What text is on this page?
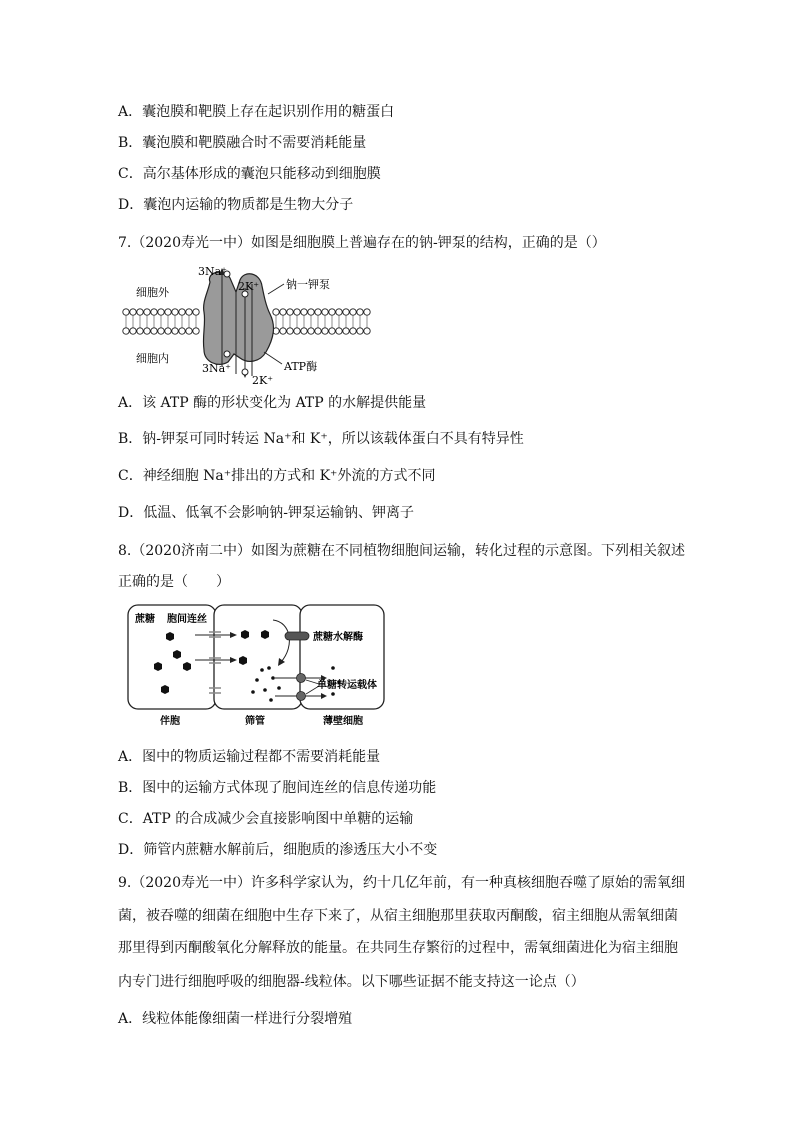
A．囊泡膜和靶膜上存在起识别作用的糖蛋白
B．囊泡膜和靶膜融合时不需要消耗能量
C．高尔基体形成的囊泡只能移动到细胞膜
D．囊泡内运输的物质都是生物大分子
7.（2020寿光一中）如图是细胞膜上普遍存在的钠-钾泵的结构，正确的是（）
3Na⁺
2K⁺ 钠一钾泵
细胞外
细胞内
ATP酶
3Na⁺
2K⁺
A．该 ATP 酶的形状变化为 ATP 的水解提供能量
B．钠-钾泵可同时转运 Na⁺和 K⁺，所以该载体蛋白不具有特异性
C．神经细胞 Na⁺排出的方式和 K⁺外流的方式不同
D．低温、低氧不会影响钠-钾泵运输钠、钾离子
8.（2020济南二中）如图为蔗糖在不同植物细胞间运输，转化过程的示意图。下列相关叙述
正确的是（　　）
蔗糖 胞间连丝
蔗糖水解酶
单糖转运载体
伴胞	筛管	薄壁细胞
A．图中的物质运输过程都不需要消耗能量
B．图中的运输方式体现了胞间连丝的信息传递功能
C．ATP 的合成减少会直接影响图中单糖的运输
D．筛管内蔗糖水解前后，细胞质的渗透压大小不变
9.（2020寿光一中）许多科学家认为，约十几亿年前，有一种真核细胞吞噬了原始的需氧细
菌，被吞噬的细菌在细胞中生存下来了，从宿主细胞那里获取丙酮酸，宿主细胞从需氧细菌
那里得到丙酮酸氧化分解释放的能量。在共同生存繁衍的过程中，需氧细菌进化为宿主细胞
内专门进行细胞呼吸的细胞器-线粒体。以下哪些证据不能支持这一论点（）
A．线粒体能像细菌一样进行分裂增殖
